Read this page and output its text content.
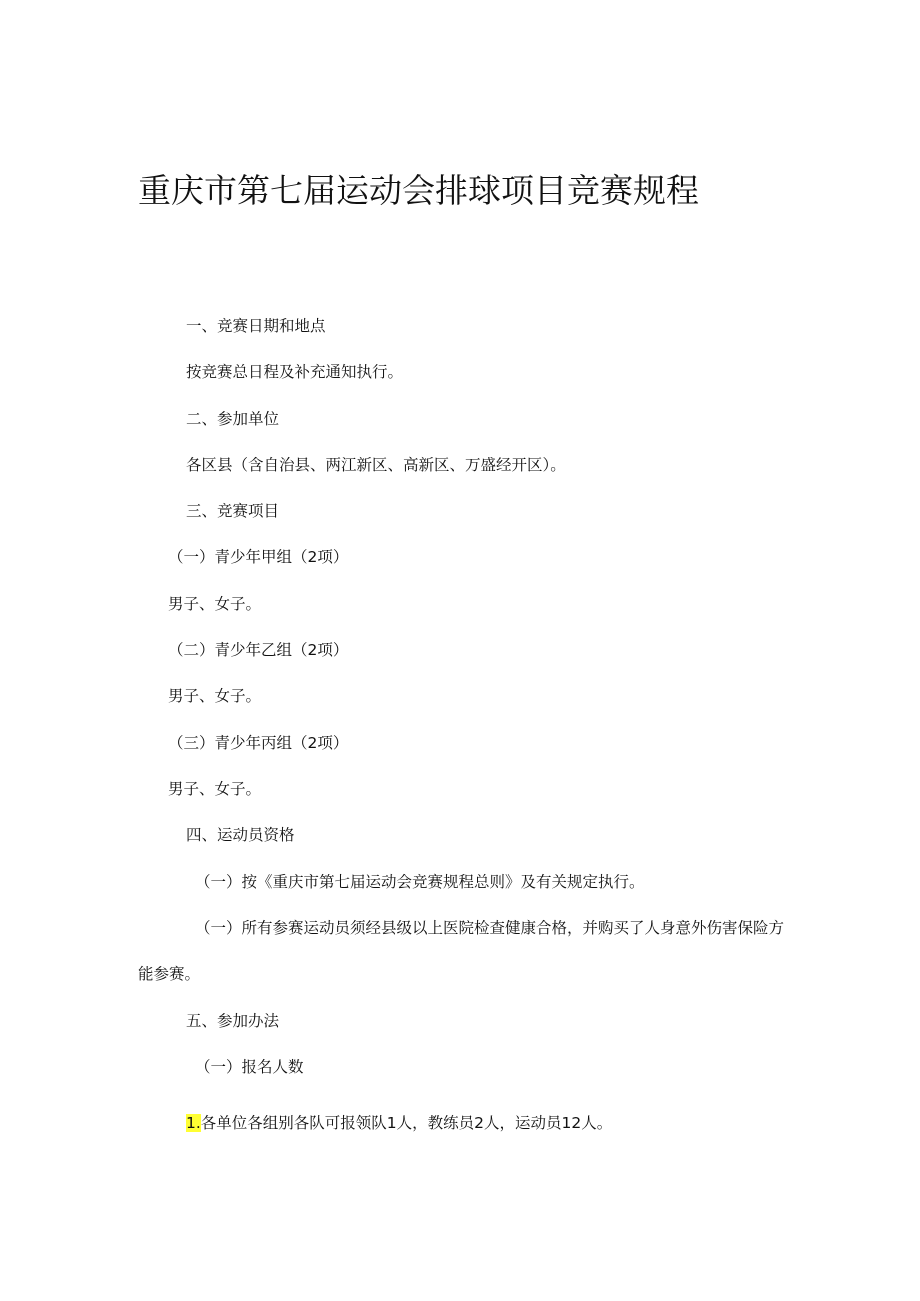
重庆市第七届运动会排球项目竞赛规程
一、竞赛日期和地点
按竞赛总日程及补充通知执行。
二、参加单位
各区县（含自治县、两江新区、高新区、万盛经开区）。
三、竞赛项目
（一）青少年甲组（2项）
男子、女子。
（二）青少年乙组（2项）
男子、女子。
（三）青少年丙组（2项）
男子、女子。
四、运动员资格
（一）按《重庆市第七届运动会竞赛规程总则》及有关规定执行。
（一）所有参赛运动员须经县级以上医院检查健康合格，并购买了人身意外伤害保险方
能参赛。
五、参加办法
（一）报名人数
1.各单位各组别各队可报领队1人，教练员2人，运动员12人。
